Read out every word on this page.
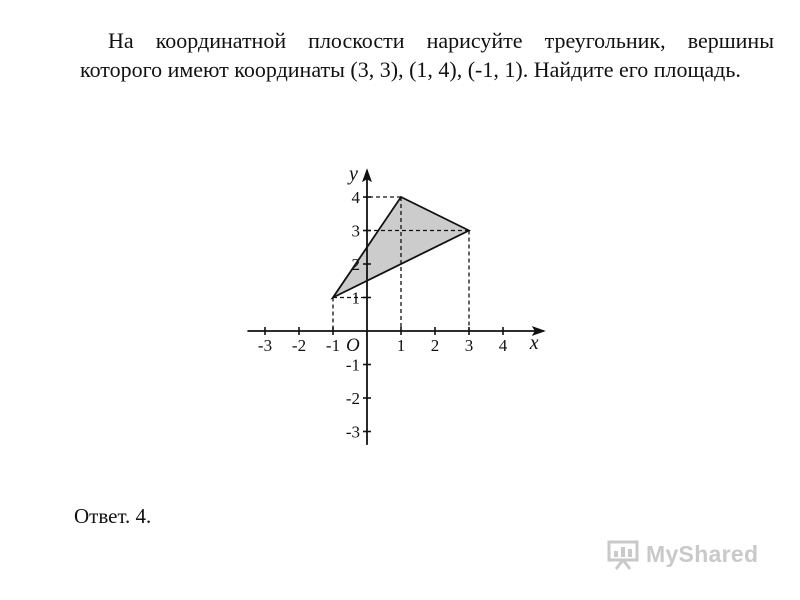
На координатной плоскости нарисуйте треугольник, вершины которого имеют координаты (3, 3), (1, 4), (-1, 1). Найдите его площадь.

-3 -2 -1	1 2 3 4
-3
-2
-1
1
2
3
4
x
y
O

Ответ. 4.

MyShared
